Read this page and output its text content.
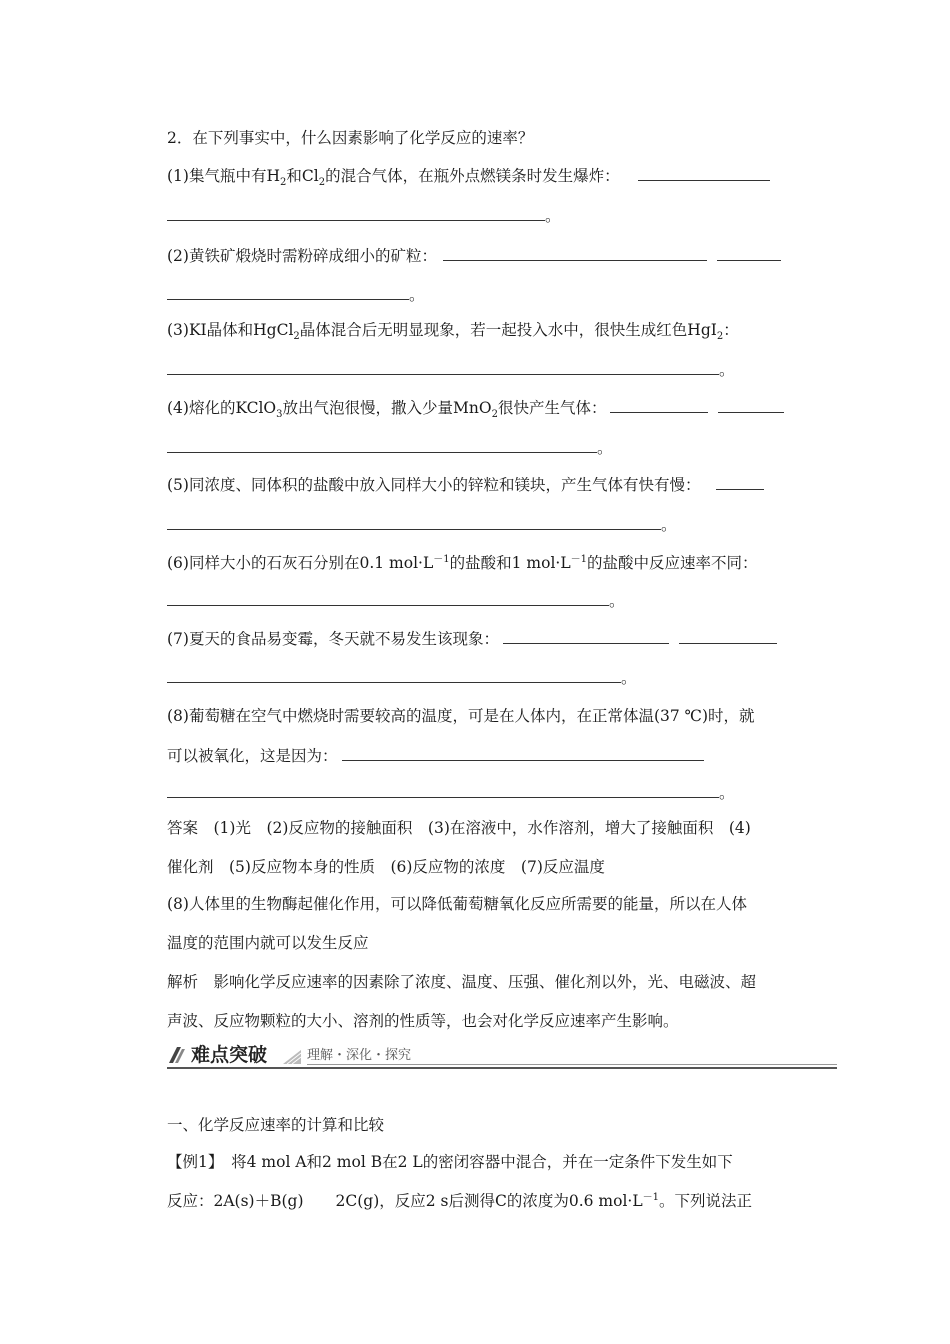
2．在下列事实中，什么因素影响了化学反应的速率？
(1)集气瓶中有$H_2$和$Cl_2$的混合气体，在瓶外点燃镁条时发生爆炸：
。
(2)黄铁矿煅烧时需粉碎成细小的矿粒：
。
(3)KI晶体和HgCl$_2$晶体混合后无明显现象，若一起投入水中，很快生成红色HgI$_2$：
。
(4)熔化的KClO$_3$放出气泡很慢，撒入少量MnO$_2$很快产生气体：
。
(5)同浓度、同体积的盐酸中放入同样大小的锌粒和镁块，产生气体有快有慢：
。
(6)同样大小的石灰石分别在0.1 $mol\cdot L^{-1}$的盐酸和1 $mol\cdot L^{-1}$的盐酸中反应速率不同：
。
(7)夏天的食品易变霉，冬天就不易发生该现象：
。
(8)葡萄糖在空气中燃烧时需要较高的温度，可是在人体内，在正常体温(37 ℃)时，就
可以被氧化，这是因为：
。
答案　(1)光　(2)反应物的接触面积　(3)在溶液中，水作溶剂，增大了接触面积　(4)
催化剂　(5)反应物本身的性质　(6)反应物的浓度　(7)反应温度
(8)人体里的生物酶起催化作用，可以降低葡萄糖氧化反应所需要的能量，所以在人体
温度的范围内就可以发生反应
解析　影响化学反应速率的因素除了浓度、温度、压强、催化剂以外，光、电磁波、超
声波、反应物颗粒的大小、溶剂的性质等，也会对化学反应速率产生影响。
难点突破	理解・深化・探究
一、化学反应速率的计算和比较
【例1】　将4 mol A和2 mol B在2 L的密闭容器中混合，并在一定条件下发生如下
反应：2A(s)＋B(g) 2C(g)，反应2 s后测得C的浓度为0.6 $mol\cdot L^{-1}$。下列说法正
